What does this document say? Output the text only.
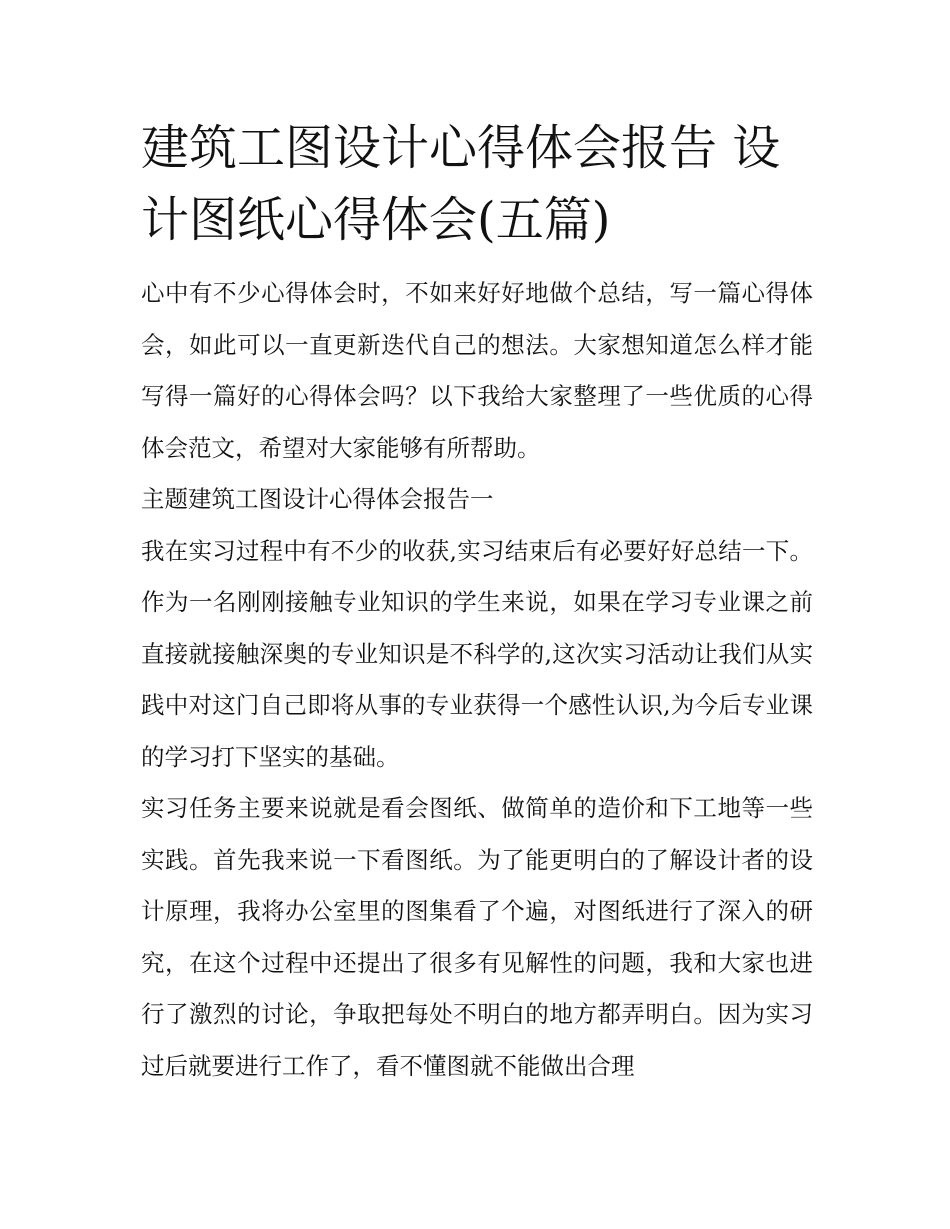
建筑工图设计心得体会报告 设计图纸心得体会(五篇)

心中有不少心得体会时，不如来好好地做个总结，写一篇心得体会，如此可以一直更新迭代自己的想法。大家想知道怎么样才能写得一篇好的心得体会吗？以下我给大家整理了一些优质的心得体会范文，希望对大家能够有所帮助。

主题建筑工图设计心得体会报告一

我在实习过程中有不少的收获,实习结束后有必要好好总结一下。作为一名刚刚接触专业知识的学生来说，如果在学习专业课之前直接就接触深奥的专业知识是不科学的,这次实习活动让我们从实践中对这门自己即将从事的专业获得一个感性认识,为今后专业课的学习打下坚实的基础。

实习任务主要来说就是看会图纸、做简单的造价和下工地等一些实践。首先我来说一下看图纸。为了能更明白的了解设计者的设计原理，我将办公室里的图集看了个遍，对图纸进行了深入的研究，在这个过程中还提出了很多有见解性的问题，我和大家也进行了激烈的讨论，争取把每处不明白的地方都弄明白。因为实习过后就要进行工作了，看不懂图就不能做出合理
